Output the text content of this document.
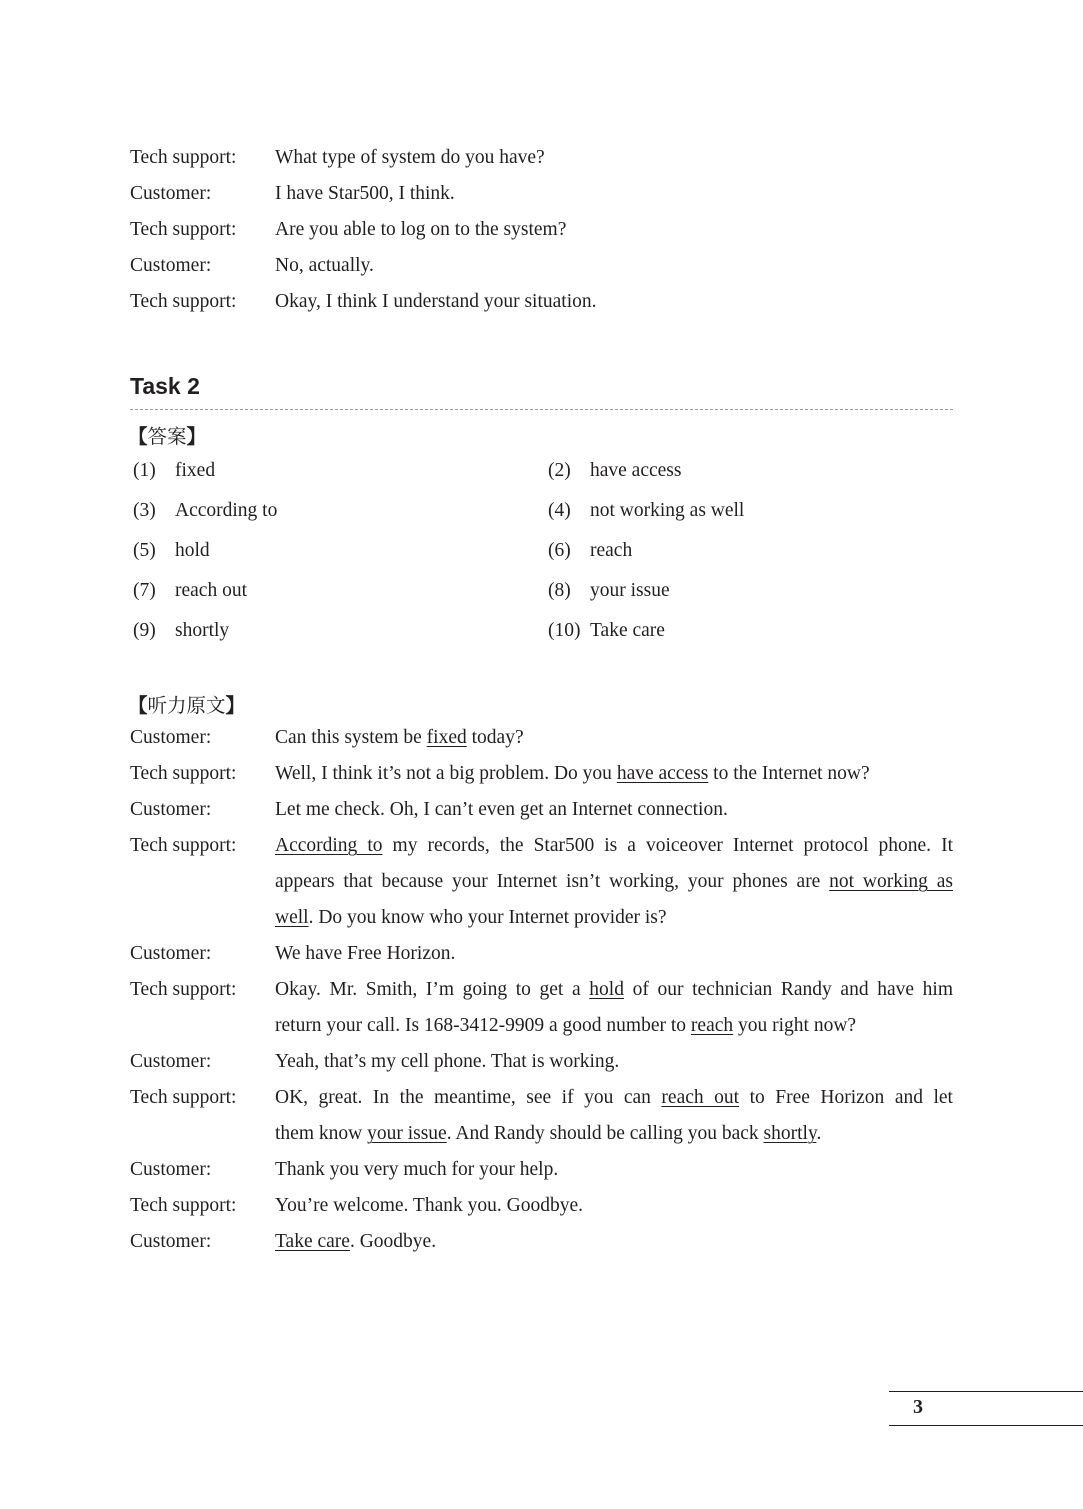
Tech support: What type of system do you have?
Customer:	I have Star500, I think.
Tech support: Are you able to log on to the system?
Customer:	No, actually.
Tech support: Okay, I think I understand your situation.
Task 2
【答案】
(1) fixed	(2) have access
(3) According to	(4) not working as well
(5) hold	(6) reach
(7) reach out	(8) your issue
(9) shortly	(10) Take care
【听力原文】
Customer:	Can this system be fixed today?
Tech support: Well, I think it’s not a big problem. Do you have access to the Internet now?
Customer:	Let me check. Oh, I can’t even get an Internet connection.
Tech support: According to my records, the Star500 is a voiceover Internet protocol phone. It
appears that because your Internet isn’t working, your phones are not working as
well. Do you know who your Internet provider is?
Customer:	We have Free Horizon.
Tech support: Okay. Mr. Smith, I’m going to get a hold of our technician Randy and have him
return your call. Is 168-3412-9909 a good number to reach you right now?
Customer:	Yeah, that’s my cell phone. That is working.
Tech support: OK, great. In the meantime, see if you can reach out to Free Horizon and let
them know your issue. And Randy should be calling you back shortly.
Customer:	Thank you very much for your help.
Tech support: You’re welcome. Thank you. Goodbye.
Customer:	Take care. Goodbye.
3
